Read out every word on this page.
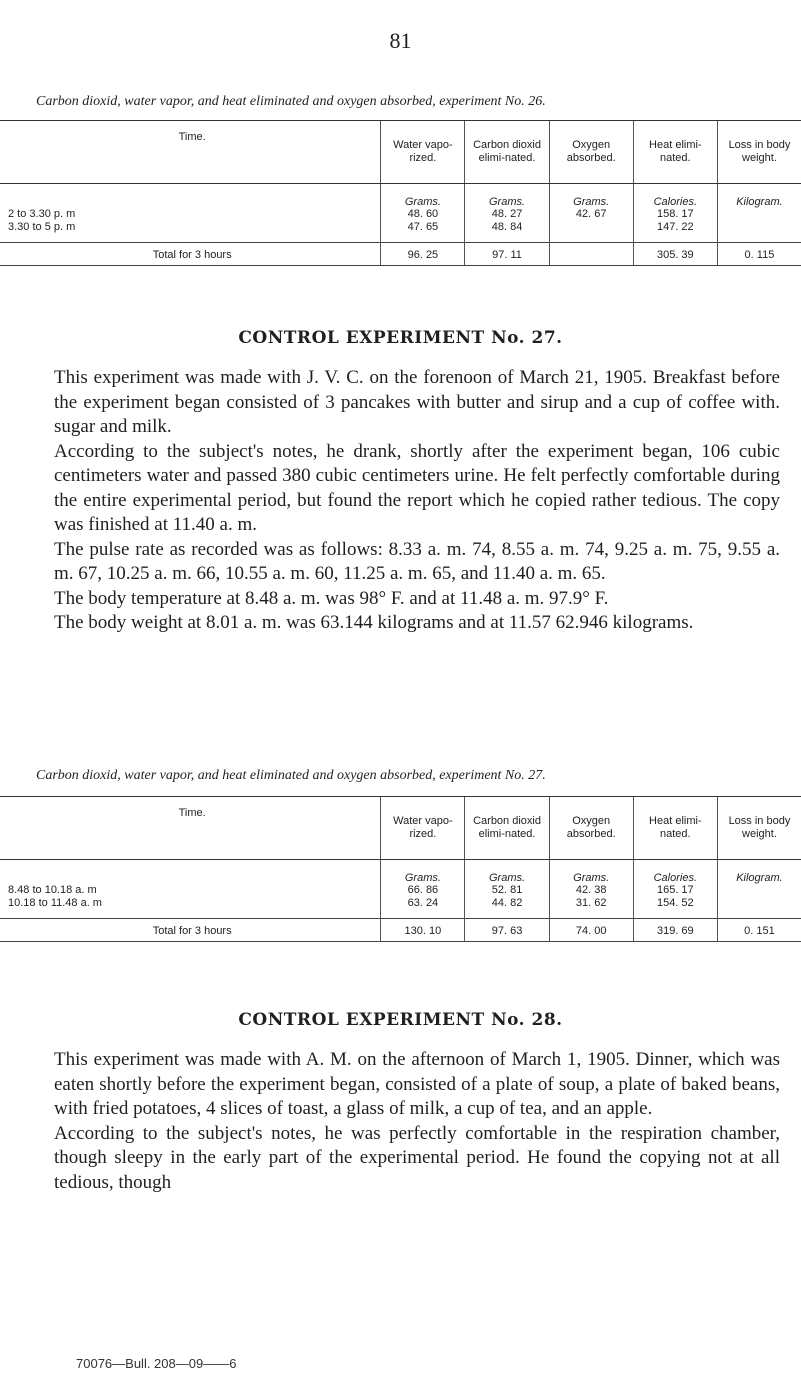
81
Carbon dioxid, water vapor, and heat eliminated and oxygen absorbed, experiment No. 26.
Time.	Water vapo-rized.	Carbon dioxid elimi-nated.	Oxygen absorbed.	Heat elimi-nated.	Loss in body weight.
	Grams.	Grams.	Grams.	Calories.	Kilogram.
2 to 3.30 p. m	48. 60	48. 27	42. 67	158. 17	
3.30 to 5 p. m	47. 65	48. 84		147. 22	

Total for 3 hours	96. 25	97. 11		305. 39	0. 115
CONTROL EXPERIMENT No. 27.

This experiment was made with J. V. C. on the forenoon of March 21, 1905. Breakfast before the experiment began consisted of 3 pancakes with butter and sirup and a cup of coffee with. sugar and milk.

According to the subject's notes, he drank, shortly after the experiment began, 106 cubic centimeters water and passed 380 cubic centimeters urine. He felt perfectly comfortable during the entire experimental period, but found the report which he copied rather tedious. The copy was finished at 11.40 a. m.

The pulse rate as recorded was as follows: 8.33 a. m. 74, 8.55 a. m. 74, 9.25 a. m. 75, 9.55 a. m. 67, 10.25 a. m. 66, 10.55 a. m. 60, 11.25 a. m. 65, and 11.40 a. m. 65.

The body temperature at 8.48 a. m. was 98° F. and at 11.48 a. m. 97.9° F.

The body weight at 8.01 a. m. was 63.144 kilograms and at 11.57 62.946 kilograms.

Carbon dioxid, water vapor, and heat eliminated and oxygen absorbed, experiment No. 27.
Time.	Water vapo-rized.	Carbon dioxid elimi-nated.	Oxygen absorbed.	Heat elimi-nated.	Loss in body weight.
	Grams.	Grams.	Grams.	Calories.	Kilogram.
8.48 to 10.18 a. m	66. 86	52. 81	42. 38	165. 17	
10.18 to 11.48 a. m	63. 24	44. 82	31. 62	154. 52	

Total for 3 hours	130. 10	97. 63	74. 00	319. 69	0. 151
CONTROL EXPERIMENT No. 28.

This experiment was made with A. M. on the afternoon of March 1, 1905. Dinner, which was eaten shortly before the experiment began, consisted of a plate of soup, a plate of baked beans, with fried potatoes, 4 slices of toast, a glass of milk, a cup of tea, and an apple.

According to the subject's notes, he was perfectly comfortable in the respiration chamber, though sleepy in the early part of the experimental period. He found the copying not at all tedious, though

70076—Bull. 208—09——6
